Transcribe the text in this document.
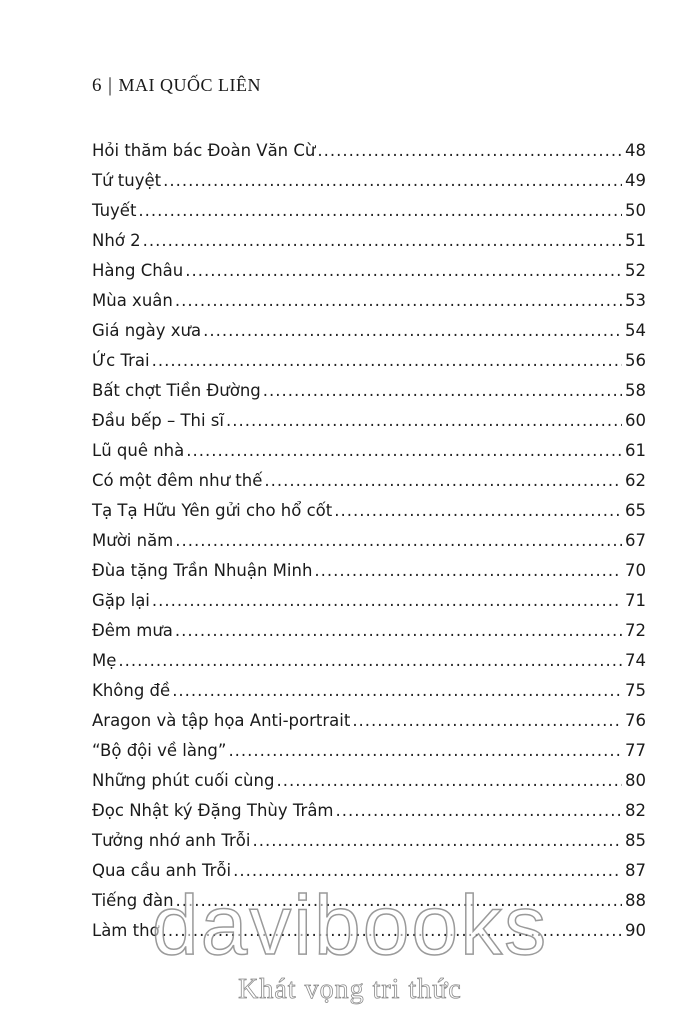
6 | MAI QUỐC LIÊN
Hỏi thăm bác Đoàn Văn Cừ .....	48
Tứ tuyệt .....	49
Tuyết .....	50
Nhớ 2 .....	51
Hàng Châu .....	52
Mùa xuân .....	53
Giá ngày xưa .....	54
Ức Trai .....	56
Bất chợt Tiền Đường .....	58
Đầu bếp – Thi sĩ .....	60
Lũ quê nhà .....	61
Có một đêm như thế .....	62
Tạ Tạ Hữu Yên gửi cho hổ cốt .....	65
Mười năm .....	67
Đùa tặng Trần Nhuận Minh .....	70
Gặp lại .....	71
Đêm mưa .....	72
Mẹ .....	74
Không đề .....	75
Aragon và tập họa Anti-portrait .....	76
“Bộ đội về làng” .....	77
Những phút cuối cùng .....	80
Đọc Nhật ký Đặng Thùy Trâm .....	82
Tưởng nhớ anh Trỗi .....	85
Qua cầu anh Trỗi .....	87
Tiếng đàn .....	88
Làm thơ .....	90
davibooks
Khát vọng tri thức
